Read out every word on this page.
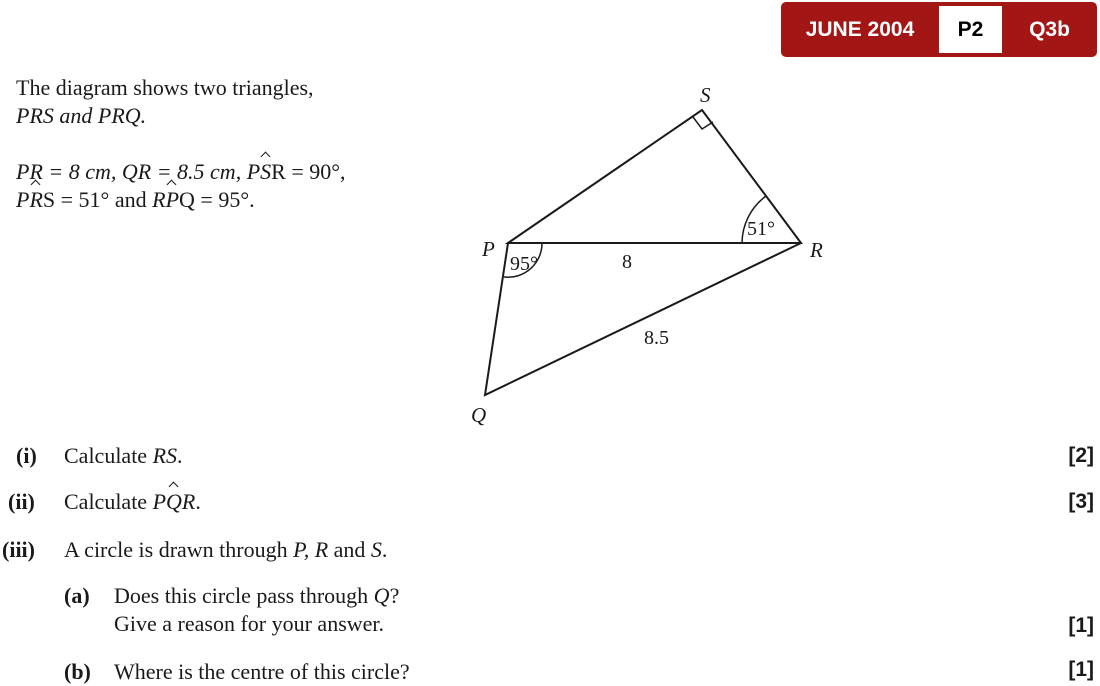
JUNE 2004	P2	Q3b
The diagram shows two triangles,
PRS and PRQ.
PR = 8 cm, QR = 8.5 cm, PSR = 90°,
PRS = 51° and RPQ = 95°.
P
S
R
Q
8
8.5
95°
51°
(i) Calculate RS.	[2]
(ii) Calculate PQR.	[3]
(iii) A circle is drawn through P, R and S.
(a) Does this circle pass through Q?
Give a reason for your answer.	[1]
(b) Where is the centre of this circle?	[1]
